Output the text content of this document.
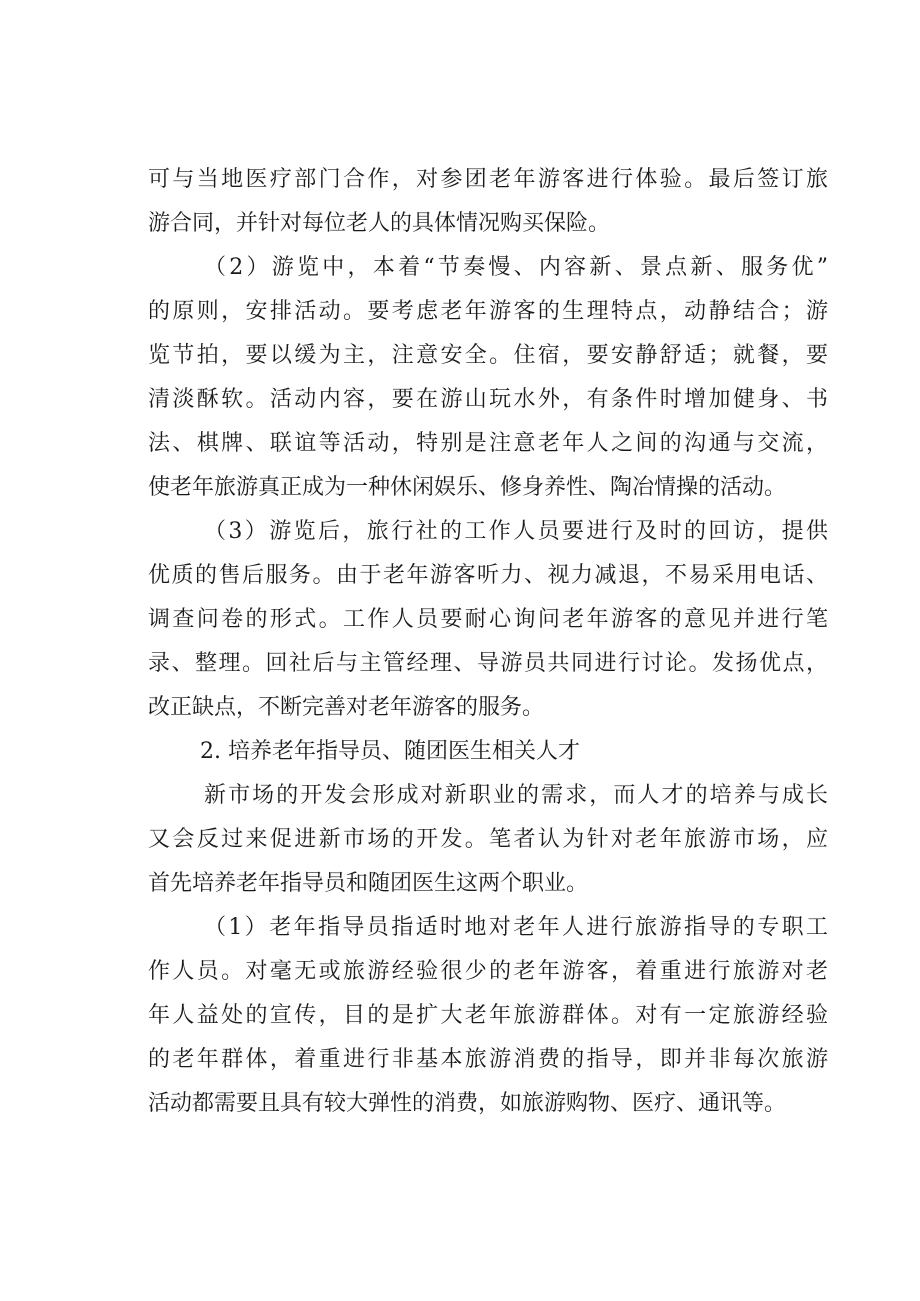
可与当地医疗部门合作，对参团老年游客进行体验。最后签订旅
游合同，并针对每位老人的具体情况购买保险。
（2）游览中，本着“节奏慢、内容新、景点新、服务优”
的原则，安排活动。要考虑老年游客的生理特点，动静结合；游
览节拍，要以缓为主，注意安全。住宿，要安静舒适；就餐，要
清淡酥软。活动内容，要在游山玩水外，有条件时增加健身、书
法、棋牌、联谊等活动，特别是注意老年人之间的沟通与交流，
使老年旅游真正成为一种休闲娱乐、修身养性、陶冶情操的活动。
（3）游览后，旅行社的工作人员要进行及时的回访，提供
优质的售后服务。由于老年游客听力、视力减退，不易采用电话、
调查问卷的形式。工作人员要耐心询问老年游客的意见并进行笔
录、整理。回社后与主管经理、导游员共同进行讨论。发扬优点，
改正缺点，不断完善对老年游客的服务。
2. 培养老年指导员、随团医生相关人才
新市场的开发会形成对新职业的需求，而人才的培养与成长
又会反过来促进新市场的开发。笔者认为针对老年旅游市场，应
首先培养老年指导员和随团医生这两个职业。
（1）老年指导员指适时地对老年人进行旅游指导的专职工
作人员。对毫无或旅游经验很少的老年游客，着重进行旅游对老
年人益处的宣传，目的是扩大老年旅游群体。对有一定旅游经验
的老年群体，着重进行非基本旅游消费的指导，即并非每次旅游
活动都需要且具有较大弹性的消费，如旅游购物、医疗、通讯等。
